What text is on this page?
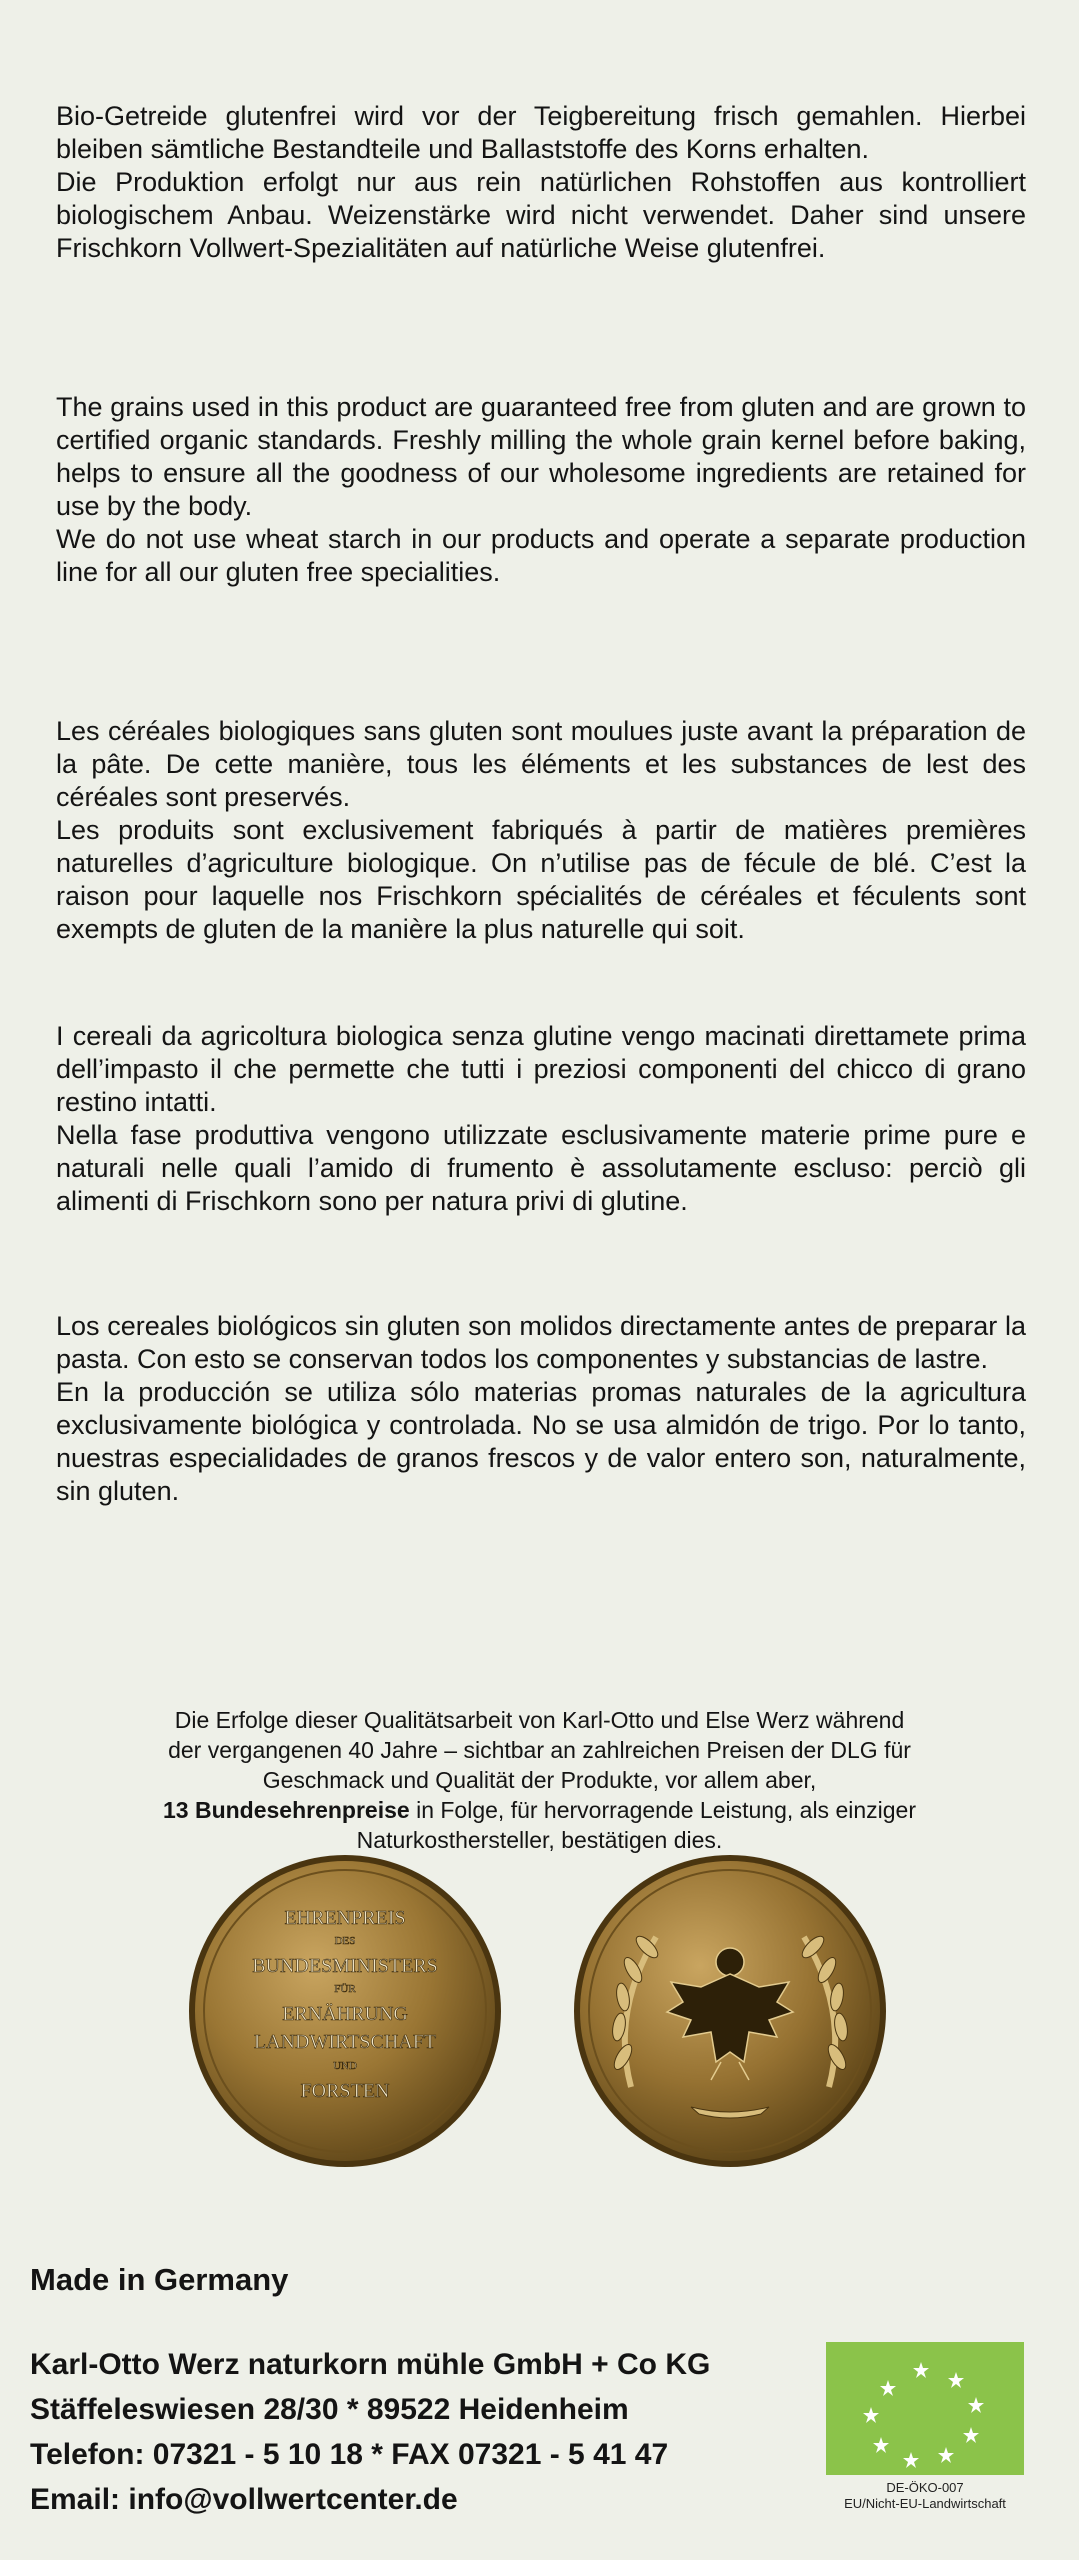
Bio-Getreide glutenfrei wird vor der Teigbereitung frisch gemahlen. Hierbei bleiben sämtliche Bestandteile und Ballaststoffe des Korns erhalten.
Die Produktion erfolgt nur aus rein natürlichen Rohstoffen aus kontrolliert biologischem Anbau. Weizenstärke wird nicht verwendet. Daher sind unsere Frischkorn Vollwert-Spezialitäten auf natürliche Weise glutenfrei.
The grains used in this product are guaranteed free from gluten and are grown to certified organic standards. Freshly milling the whole grain kernel before baking, helps to ensure all the goodness of our wholesome ingredients are retained for use by the body.
We do not use wheat starch in our products and operate a separate production line for all our gluten free specialities.
Les céréales biologiques sans gluten sont moulues juste avant la préparation de la pâte. De cette manière, tous les éléments et les substances de lest des céréales sont preservés.
Les produits sont exclusivement fabriqués à partir de matières premières naturelles d’agriculture biologique. On n’utilise pas de fécule de blé. C’est la raison pour laquelle nos Frischkorn spécialités de céréales et féculents sont exempts de gluten de la manière la plus naturelle qui soit.
I cereali da agricoltura biologica senza glutine vengo macinati direttamete prima dell’impasto il che permette che tutti i preziosi componenti del chicco di grano restino intatti.
Nella fase produttiva vengono utilizzate esclusivamente materie prime pure e naturali nelle quali l’amido di frumento è assolutamente escluso: perciò gli alimenti di Frischkorn sono per natura privi di glutine.
Los cereales biológicos sin gluten son molidos directamente antes de preparar la pasta. Con esto se conservan todos los componentes y substancias de lastre.
En la producción se utiliza sólo materias promas naturales de la agricultura exclusivamente biológica y controlada. No se usa almidón de trigo. Por lo tanto, nuestras especialidades de granos frescos y de valor entero son, naturalmente, sin gluten.
Die Erfolge dieser Qualitätsarbeit von Karl-Otto und Else Werz während
der vergangenen 40 Jahre – sichtbar an zahlreichen Preisen der DLG für
Geschmack und Qualität der Produkte, vor allem aber,
13 Bundesehrenpreise in Folge, für hervorragende Leistung, als einziger
Naturkosthersteller, bestätigen dies.
EHRENPREIS
DES
BUNDESMINISTERS
FÜR
ERNÄHRUNG
LANDWIRTSCHAFT
UND
FORSTEN
Made in Germany
Karl-Otto Werz naturkorn mühle GmbH + Co KG
Stäffeleswiesen 28/30 * 89522 Heidenheim
Telefon: 07321 - 5 10 18 * FAX 07321 - 5 41 47
Email: info@vollwertcenter.de	DE-ÖKO-007
EU/Nicht-EU-Landwirtschaft
